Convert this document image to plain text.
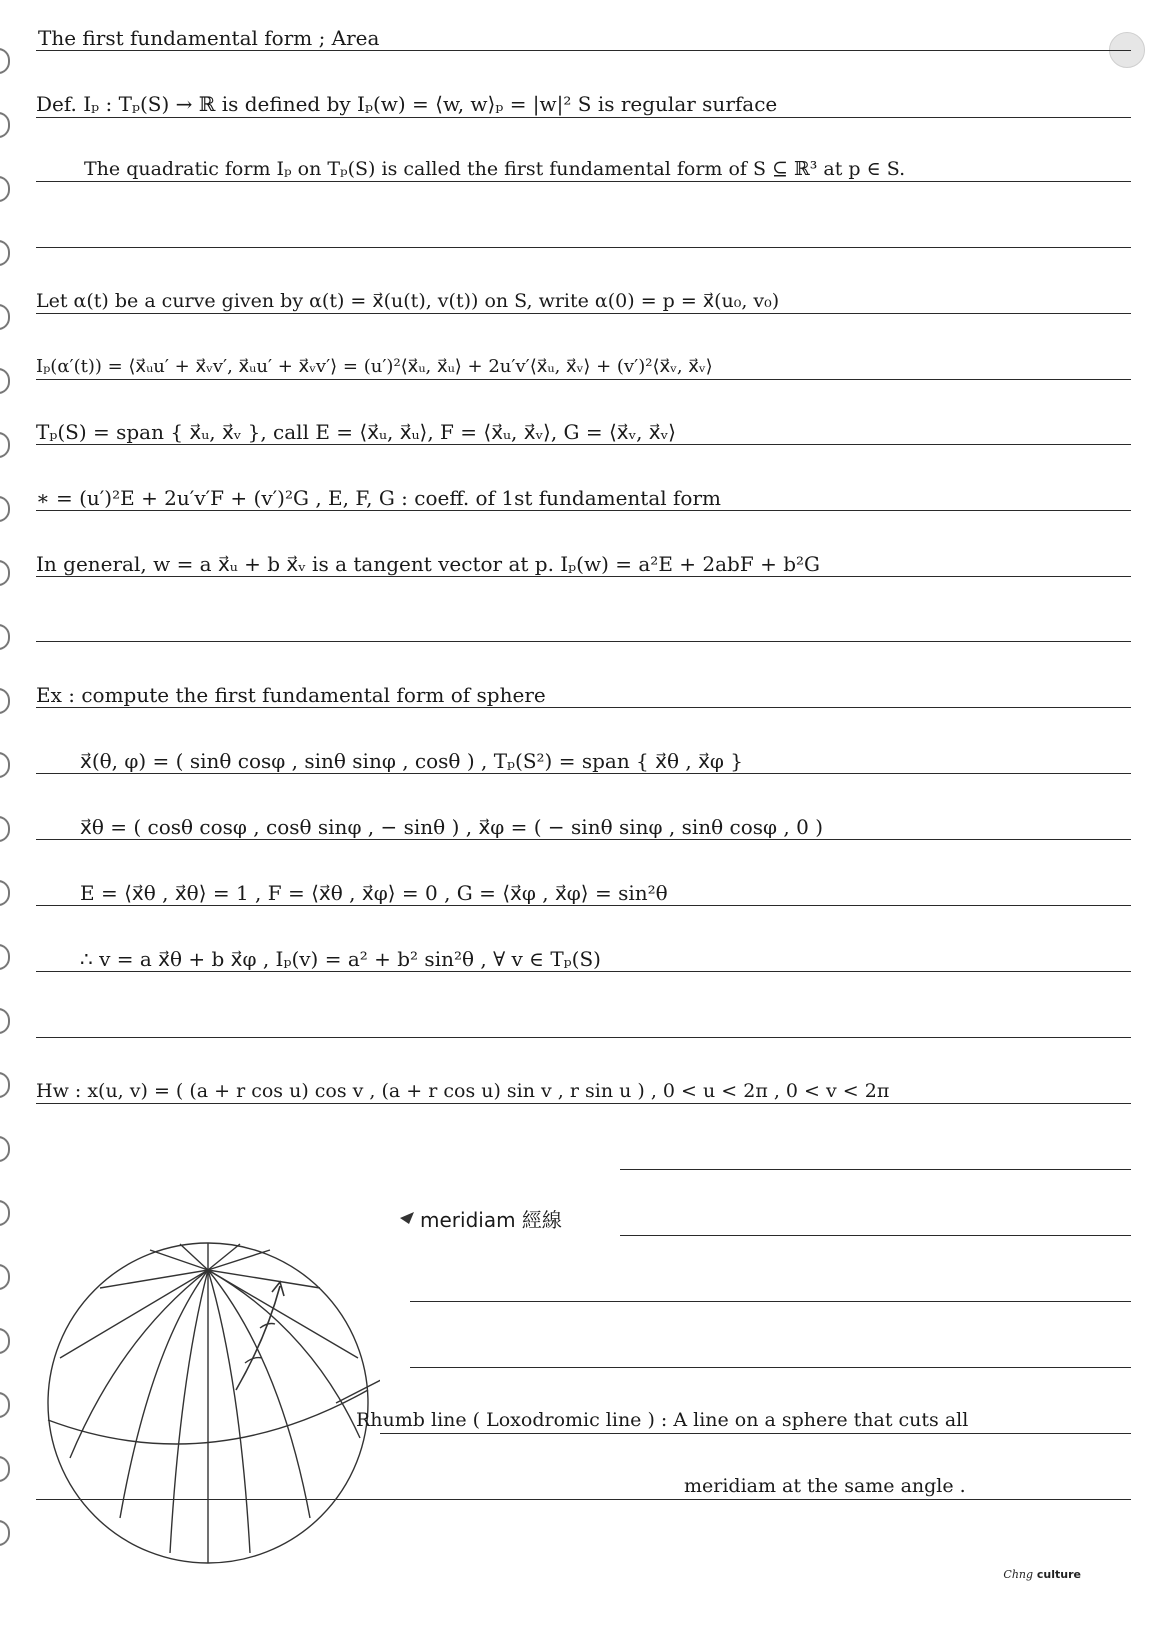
The first fundamental form ; Area
Def. Iₚ : Tₚ(S) → ℝ is defined by Iₚ(w) = ⟨w, w⟩ₚ = |w|² S is regular surface
The quadratic form Iₚ on Tₚ(S) is called the first fundamental form of S ⊆ ℝ³ at p ∈ S.
Let α(t) be a curve given by α(t) = x⃗(u(t), v(t)) on S, write α(0) = p = x⃗(u₀, v₀)
Iₚ(α′(t)) = ⟨x⃗ᵤu′ + x⃗ᵥv′, x⃗ᵤu′ + x⃗ᵥv′⟩ = (u′)²⟨x⃗ᵤ, x⃗ᵤ⟩ + 2u′v′⟨x⃗ᵤ, x⃗ᵥ⟩ + (v′)²⟨x⃗ᵥ, x⃗ᵥ⟩
Tₚ(S) = span { x⃗ᵤ, x⃗ᵥ }, call E = ⟨x⃗ᵤ, x⃗ᵤ⟩, F = ⟨x⃗ᵤ, x⃗ᵥ⟩, G = ⟨x⃗ᵥ, x⃗ᵥ⟩
∗ = (u′)²E + 2u′v′F + (v′)²G , E, F, G : coeff. of 1st fundamental form
In general, w = a x⃗ᵤ + b x⃗ᵥ is a tangent vector at p. Iₚ(w) = a²E + 2abF + b²G
Ex : compute the first fundamental form of sphere
x⃗(θ, φ) = ( sinθ cosφ , sinθ sinφ , cosθ ) , Tₚ(S²) = span { x⃗θ , x⃗φ }
x⃗θ = ( cosθ cosφ , cosθ sinφ , − sinθ ) , x⃗φ = ( − sinθ sinφ , sinθ cosφ , 0 )
E = ⟨x⃗θ , x⃗θ⟩ = 1 , F = ⟨x⃗θ , x⃗φ⟩ = 0 , G = ⟨x⃗φ , x⃗φ⟩ = sin²θ
∴ v = a x⃗θ + b x⃗φ , Iₚ(v) = a² + b² sin²θ , ∀ v ∈ Tₚ(S)
Hw : x(u, v) = ( (a + r cos u) cos v , (a + r cos u) sin v , r sin u ) , 0 < u < 2π , 0 < v < 2π
meridiam 經線
Rhumb line ( Loxodromic line ) : A line on a sphere that cuts all
meridiam at the same angle .
Chng culture
